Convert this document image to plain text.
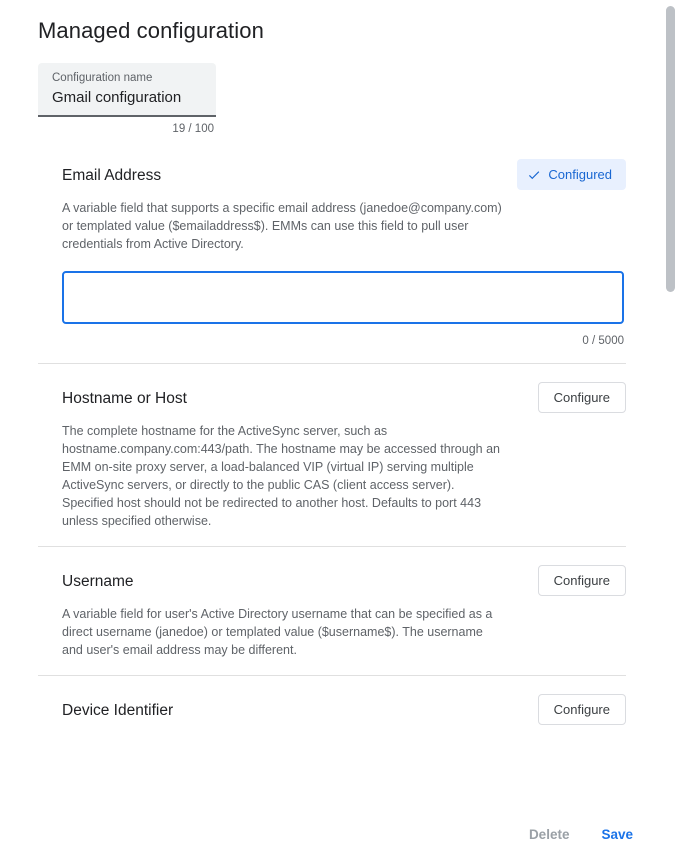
Managed configuration
Configuration name
Gmail configuration
19 / 100
Email Address	Configured
A variable field that supports a specific email address (janedoe@company.com) or templated value ($emailaddress$). EMMs can use this field to pull user credentials from Active Directory.
0 / 5000
Hostname or Host	Configure
The complete hostname for the ActiveSync server, such as hostname.company.com:443/path. The hostname may be accessed through an EMM on-site proxy server, a load-balanced VIP (virtual IP) serving multiple ActiveSync servers, or directly to the public CAS (client access server). Specified host should not be redirected to another host. Defaults to port 443 unless specified otherwise.
Username	Configure
A variable field for user's Active Directory username that can be specified as a direct username (janedoe) or templated value ($username$). The username and user's email address may be different.
Device Identifier	Configure
Delete	Save
